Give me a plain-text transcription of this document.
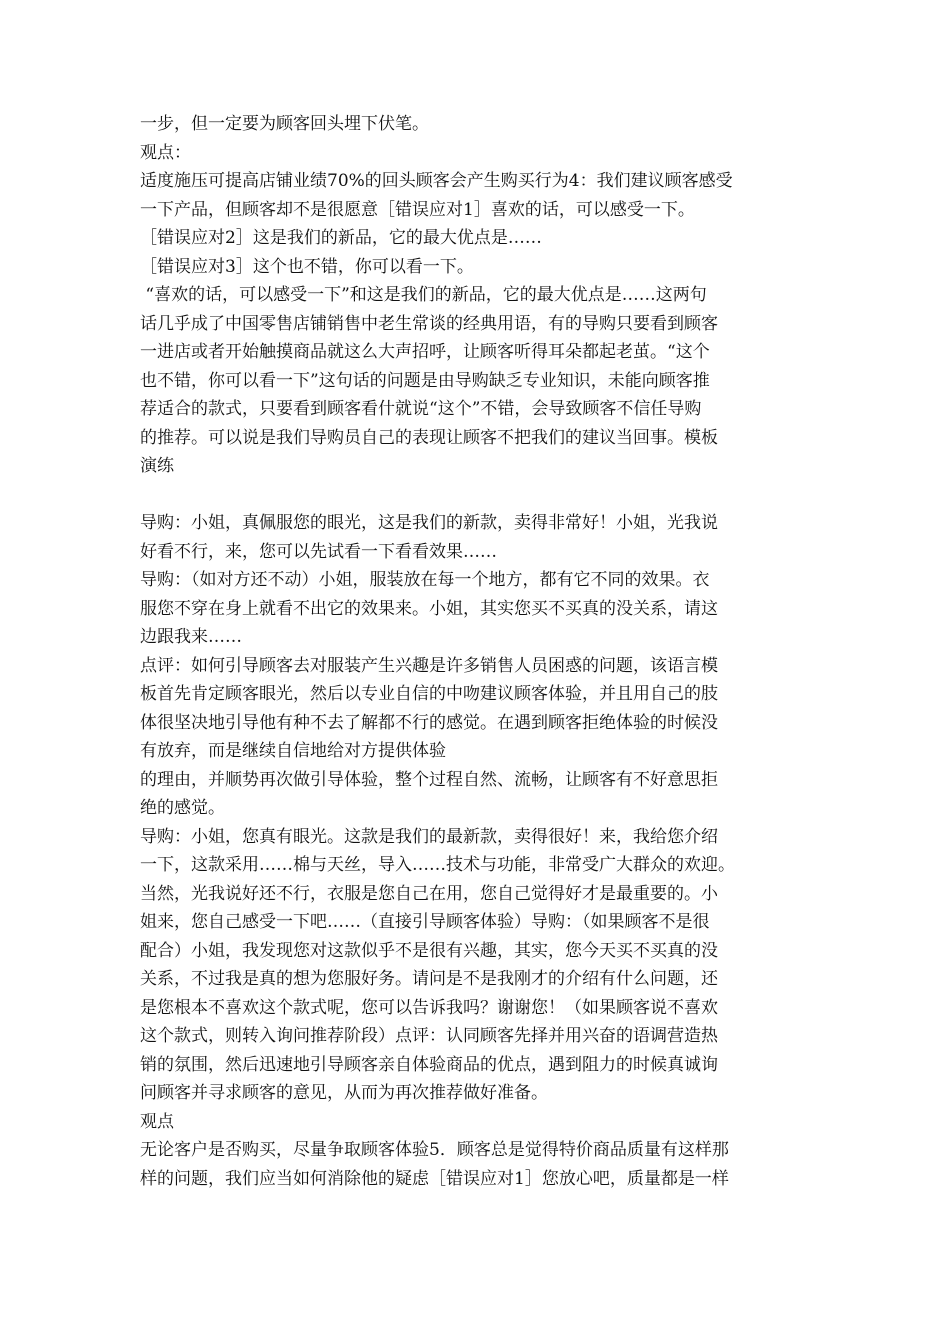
一步，但一定要为顾客回头埋下伏笔。
观点：
适度施压可提高店铺业绩70%的回头顾客会产生购买行为4：我们建议顾客感受
一下产品，但顾客却不是很愿意［错误应对1］喜欢的话，可以感受一下。
［错误应对2］这是我们的新品，它的最大优点是……
［错误应对3］这个也不错，你可以看一下。
“喜欢的话，可以感受一下”和这是我们的新品，它的最大优点是……这两句
话几乎成了中国零售店铺销售中老生常谈的经典用语，有的导购只要看到顾客
一进店或者开始触摸商品就这么大声招呼，让顾客听得耳朵都起老茧。“这个
也不错，你可以看一下”这句话的问题是由导购缺乏专业知识，未能向顾客推
荐适合的款式，只要看到顾客看什就说“这个”不错，会导致顾客不信任导购
的推荐。可以说是我们导购员自己的表现让顾客不把我们的建议当回事。模板
演练
导购：小姐，真佩服您的眼光，这是我们的新款，卖得非常好！小姐，光我说
好看不行，来，您可以先试看一下看看效果……
导购：（如对方还不动）小姐，服装放在每一个地方，都有它不同的效果。衣
服您不穿在身上就看不出它的效果来。小姐，其实您买不买真的没关系，请这
边跟我来……
点评：如何引导顾客去对服装产生兴趣是许多销售人员困惑的问题，该语言模
板首先肯定顾客眼光，然后以专业自信的中吻建议顾客体验，并且用自己的肢
体很坚决地引导他有种不去了解都不行的感觉。在遇到顾客拒绝体验的时候没
有放弃，而是继续自信地给对方提供体验
的理由，并顺势再次做引导体验，整个过程自然、流畅，让顾客有不好意思拒
绝的感觉。
导购：小姐，您真有眼光。这款是我们的最新款，卖得很好！来，我给您介绍
一下，这款采用……棉与天丝，导入……技术与功能，非常受广大群众的欢迎。
当然，光我说好还不行，衣服是您自己在用，您自己觉得好才是最重要的。小
姐来，您自己感受一下吧……（直接引导顾客体验）导购：（如果顾客不是很
配合）小姐，我发现您对这款似乎不是很有兴趣，其实，您今天买不买真的没
关系，不过我是真的想为您服好务。请问是不是我刚才的介绍有什么问题，还
是您根本不喜欢这个款式呢，您可以告诉我吗？谢谢您！（如果顾客说不喜欢
这个款式，则转入询问推荐阶段）点评：认同顾客先择并用兴奋的语调营造热
销的氛围，然后迅速地引导顾客亲自体验商品的优点，遇到阻力的时候真诚询
问顾客并寻求顾客的意见，从而为再次推荐做好准备。
观点
无论客户是否购买，尽量争取顾客体验5．顾客总是觉得特价商品质量有这样那
样的问题，我们应当如何消除他的疑虑［错误应对1］您放心吧，质量都是一样
